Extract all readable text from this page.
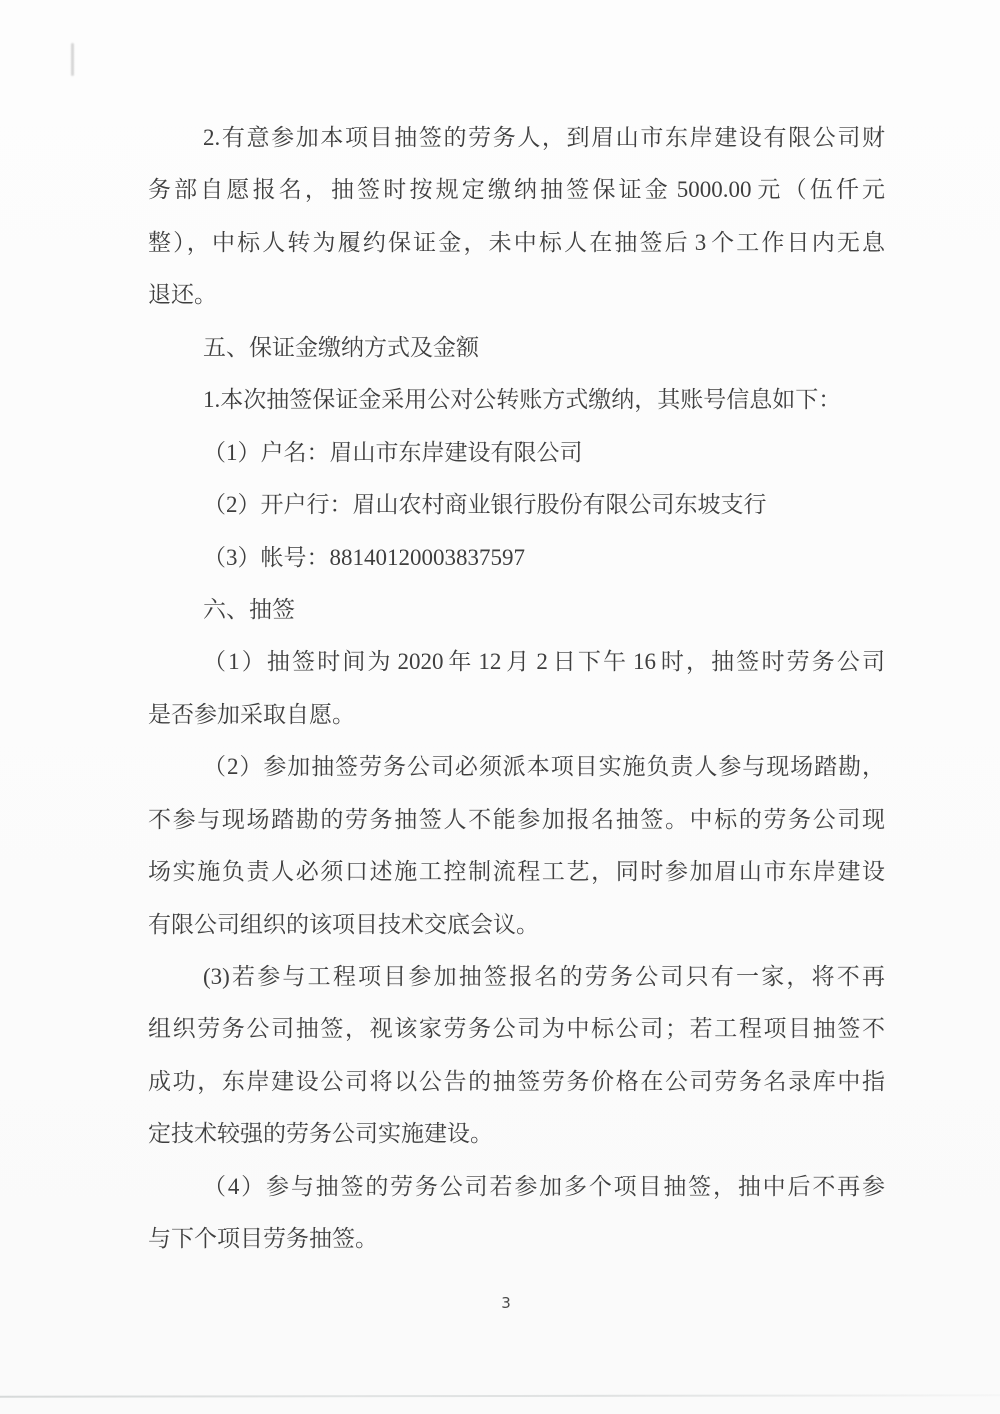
2.有意参加本项目抽签的劳务人，到眉山市东岸建设有限公司财
务部自愿报名，抽签时按规定缴纳抽签保证金 5000.00 元（伍仟元
整），中标人转为履约保证金，未中标人在抽签后 3 个工作日内无息
退还。
五、保证金缴纳方式及金额
1.本次抽签保证金采用公对公转账方式缴纳，其账号信息如下：
（1）户名：眉山市东岸建设有限公司
（2）开户行：眉山农村商业银行股份有限公司东坡支行
（3）帐号：88140120003837597
六、抽签
（1）抽签时间为 2020 年 12 月 2 日下午 16 时，抽签时劳务公司
是否参加采取自愿。
（2）参加抽签劳务公司必须派本项目实施负责人参与现场踏勘，
不参与现场踏勘的劳务抽签人不能参加报名抽签。中标的劳务公司现
场实施负责人必须口述施工控制流程工艺，同时参加眉山市东岸建设
有限公司组织的该项目技术交底会议。
(3)若参与工程项目参加抽签报名的劳务公司只有一家，将不再
组织劳务公司抽签，视该家劳务公司为中标公司；若工程项目抽签不
成功，东岸建设公司将以公告的抽签劳务价格在公司劳务名录库中指
定技术较强的劳务公司实施建设。
（4）参与抽签的劳务公司若参加多个项目抽签，抽中后不再参
与下个项目劳务抽签。
3
